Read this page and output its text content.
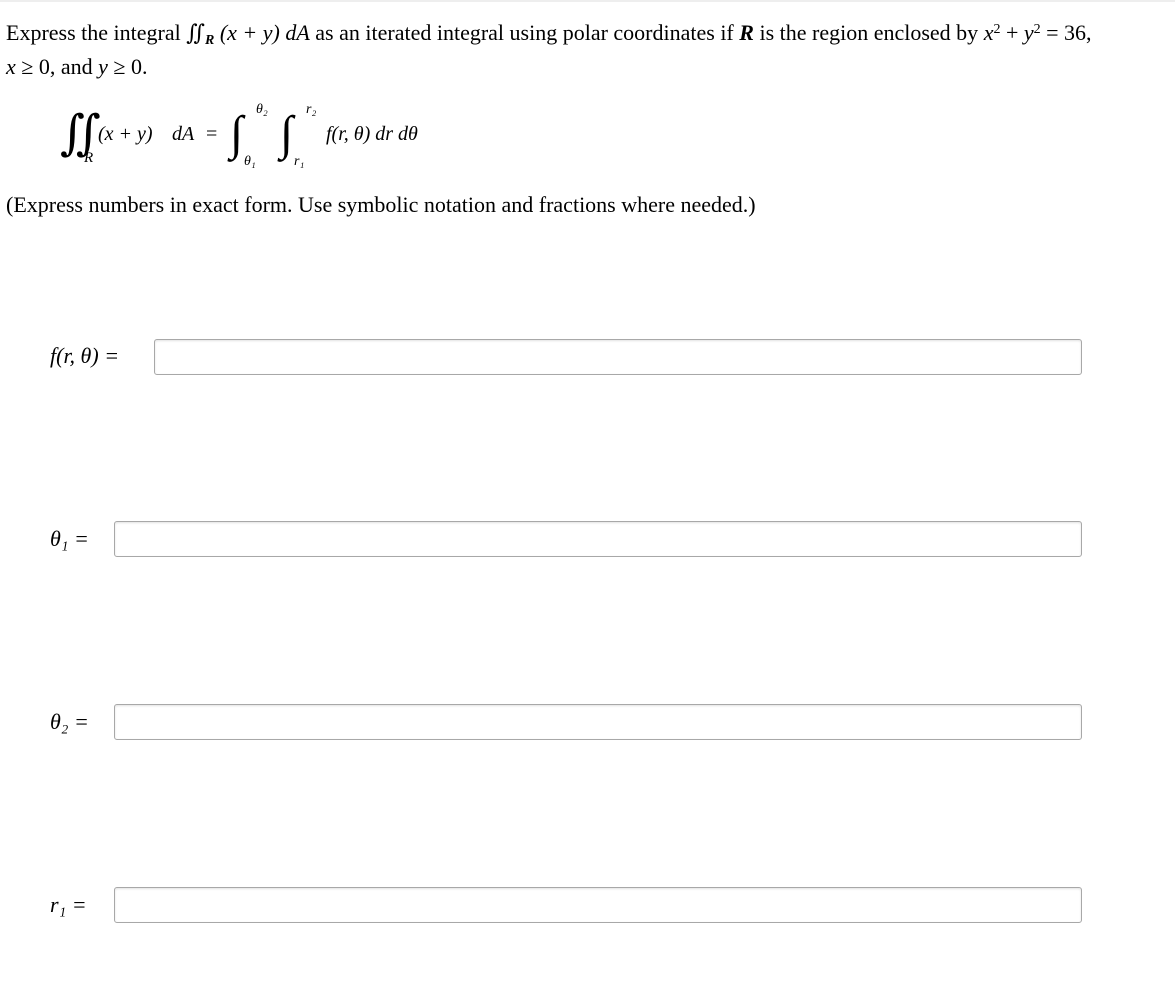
Express the integral ∬ $_R$ (x + y) dA as an iterated integral using polar coordinates if R is the region enclosed by $x^2 + y^2 = 36$,
x ≥ 0, and y ≥ 0.
∬
R
(x + y) dA = ∫ θ₂
θ₁
∫ r₂
r₁
f(r, θ) dr dθ
(Express numbers in exact form. Use symbolic notation and fractions where needed.)
f(r, θ) =
θ₁ =
θ₂ =
r₁ =
